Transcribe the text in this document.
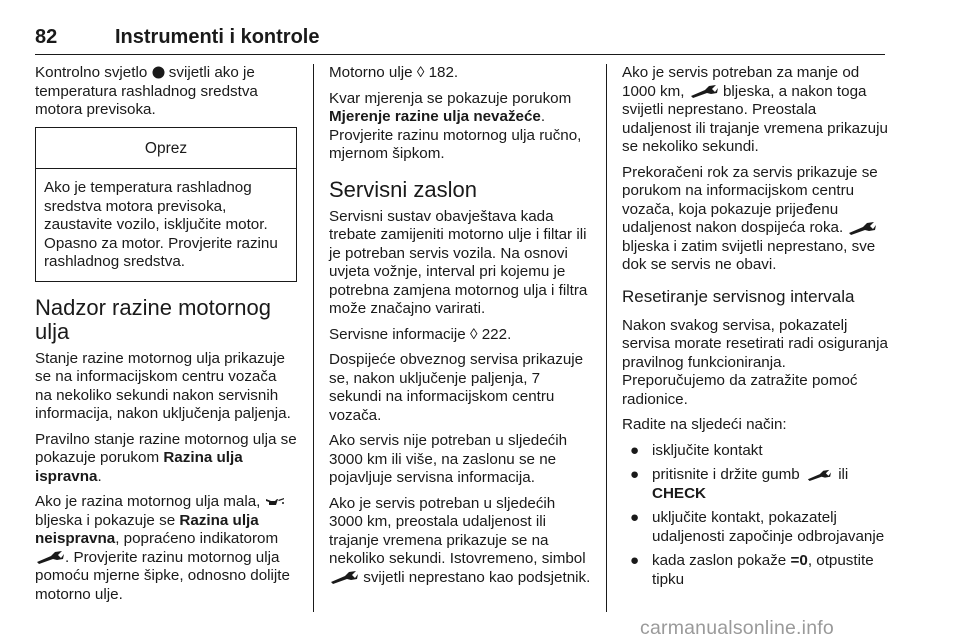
82	Instrumenti i kontrole

Kontrolno svjetlo svijetli ako je temperatura rashladnog sredstva motora previsoka.

Oprez
Ako je temperatura rashladnog sredstva motora previsoka, zaustavite vozilo, isključite motor. Opasno za motor. Provjerite razinu rashladnog sredstva.
Nadzor razine motornog ulja

Stanje razine motornog ulja prikazuje se na informacijskom centru vozača na nekoliko sekundi nakon servisnih informacija, nakon uključenja paljenja.

Pravilno stanje razine motornog ulja se pokazuje porukom Razina ulja ispravna.

Ako je razina motornog ulja mala,  bljeska i pokazuje se Razina ulja neispravna, popraćeno indikatorom . Provjerite razinu motornog ulja pomoću mjerne šipke, odnosno dolijte motorno ulje.

Motorno ulje ◊ 182.

Kvar mjerenja se pokazuje porukom Mjerenje razine ulja nevažeće. Provjerite razinu motornog ulja ručno, mjernom šipkom.

Servisni zaslon

Servisni sustav obavještava kada trebate zamijeniti motorno ulje i filtar ili je potreban servis vozila. Na osnovi uvjeta vožnje, interval pri kojemu je potrebna zamjena motornog ulja i filtra može značajno varirati.

Servisne informacije ◊ 222.

Dospijeće obveznog servisa prikazuje se, nakon uključenje paljenja, 7 sekundi na informacijskom centru vozača.

Ako servis nije potreban u sljedećih 3000 km ili više, na zaslonu se ne pojavljuje servisna informacija.

Ako je servis potreban u sljedećih 3000 km, preostala udaljenost ili trajanje vremena prikazuje se na nekoliko sekundi. Istovremeno, simbol  svijetli neprestano kao podsjetnik.

Ako je servis potreban za manje od 1000 km,	bljeska, a nakon toga svijetli neprestano. Preostala udaljenost ili trajanje vremena prikazuju se nekoliko sekundi.

Prekoračeni rok za servis prikazuje se porukom na informacijskom centru vozača, koja pokazuje prijeđenu udaljenost nakon dospijeća roka.  bljeska i zatim svijetli neprestano, sve dok se servis ne obavi.

Resetiranje servisnog intervala

Nakon svakog servisa, pokazatelj servisa morate resetirati radi osiguranja pravilnog funkcioniranja. Preporučujemo da zatražite pomoć radionice.

Radite na sljedeći način:

● isključite kontakt
● pritisnite i držite gumb	ili CHECK
● uključite kontakt, pokazatelj udaljenosti započinje odbrojavanje
● kada zaslon pokaže =0, otpustite tipku
carmanualsonline.info
